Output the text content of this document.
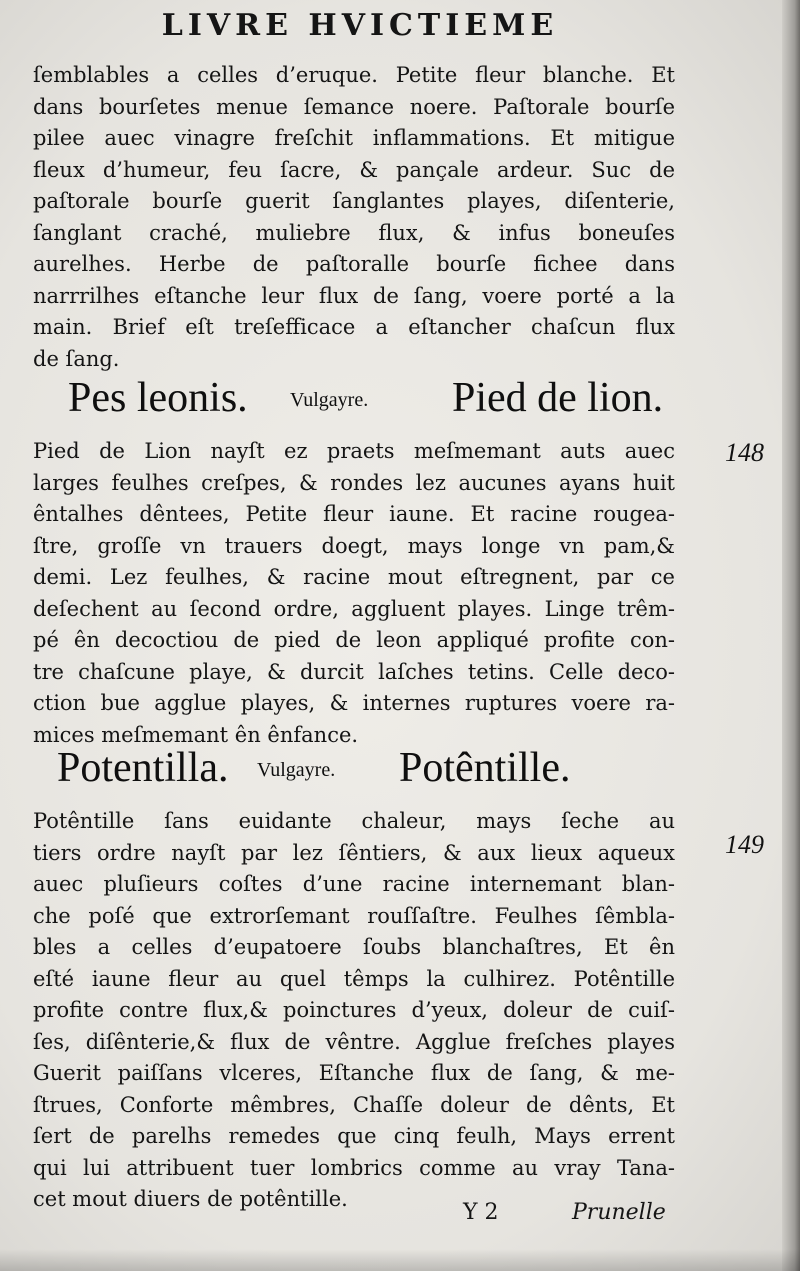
LIVRE HVICTIEME
ſemblables a celles d’eruque. Petite fleur blanche. Et
dans bourſetes menue ſemance noere. Paſtorale bourſe
pilee auec vinagre freſchit inflammations. Et mitigue
fleux d’humeur, feu ſacre, & pançale ardeur. Suc de
paſtorale bourſe guerit ſanglantes playes, diſenterie,
ſanglant craché, muliebre flux, & infus boneuſes
aurelhes. Herbe de paſtoralle bourſe fichee dans
narrrilhes eſtanche leur flux de ſang, voere porté a la
main. Brief eſt treſefficace a eſtancher chaſcun flux
de ſang.
Pes leonis. Vulgayre. Pied de lion.
148
Pied de Lion nayſt ez praets meſmemant auts auec
larges feulhes creſpes, & rondes lez aucunes ayans huit
êntalhes dêntees, Petite fleur iaune. Et racine rougea-
ſtre, groſſe vn trauers doegt, mays longe vn pam,&
demi. Lez feulhes, & racine mout eſtregnent, par ce
deſechent au ſecond ordre, aggluent playes. Linge trêm-
pé ên decoctiou de pied de leon appliqué profite con-
tre chaſcune playe, & durcit laſches tetins. Celle deco-
ction bue agglue playes, & internes ruptures voere ra-
mices meſmemant ên ênfance.
Potentilla. Vulgayre. Potêntille.
149
Potêntille ſans euidante chaleur, mays ſeche au
tiers ordre nayſt par lez ſêntiers, & aux lieux aqueux
auec pluſieurs coſtes d’une racine internemant blan-
che poſé que extrorſemant rouſſaſtre. Feulhes ſêmbla-
bles a celles d’eupatoere ſoubs blanchaſtres, Et ên
eſté iaune fleur au quel têmps la culhirez. Potêntille
profite contre flux,& poinctures d’yeux, doleur de cuiſ-
ſes, diſênterie,& flux de vêntre. Agglue freſches playes
Guerit paiſſans vlceres, Eſtanche flux de ſang, & me-
ſtrues, Conforte mêmbres, Chaſſe doleur de dênts, Et
ſert de parelhs remedes que cinq feulh, Mays errent
qui lui attribuent tuer lombrics comme au vray Tana-
cet mout diuers de potêntille.
Y 2	Prunelle
